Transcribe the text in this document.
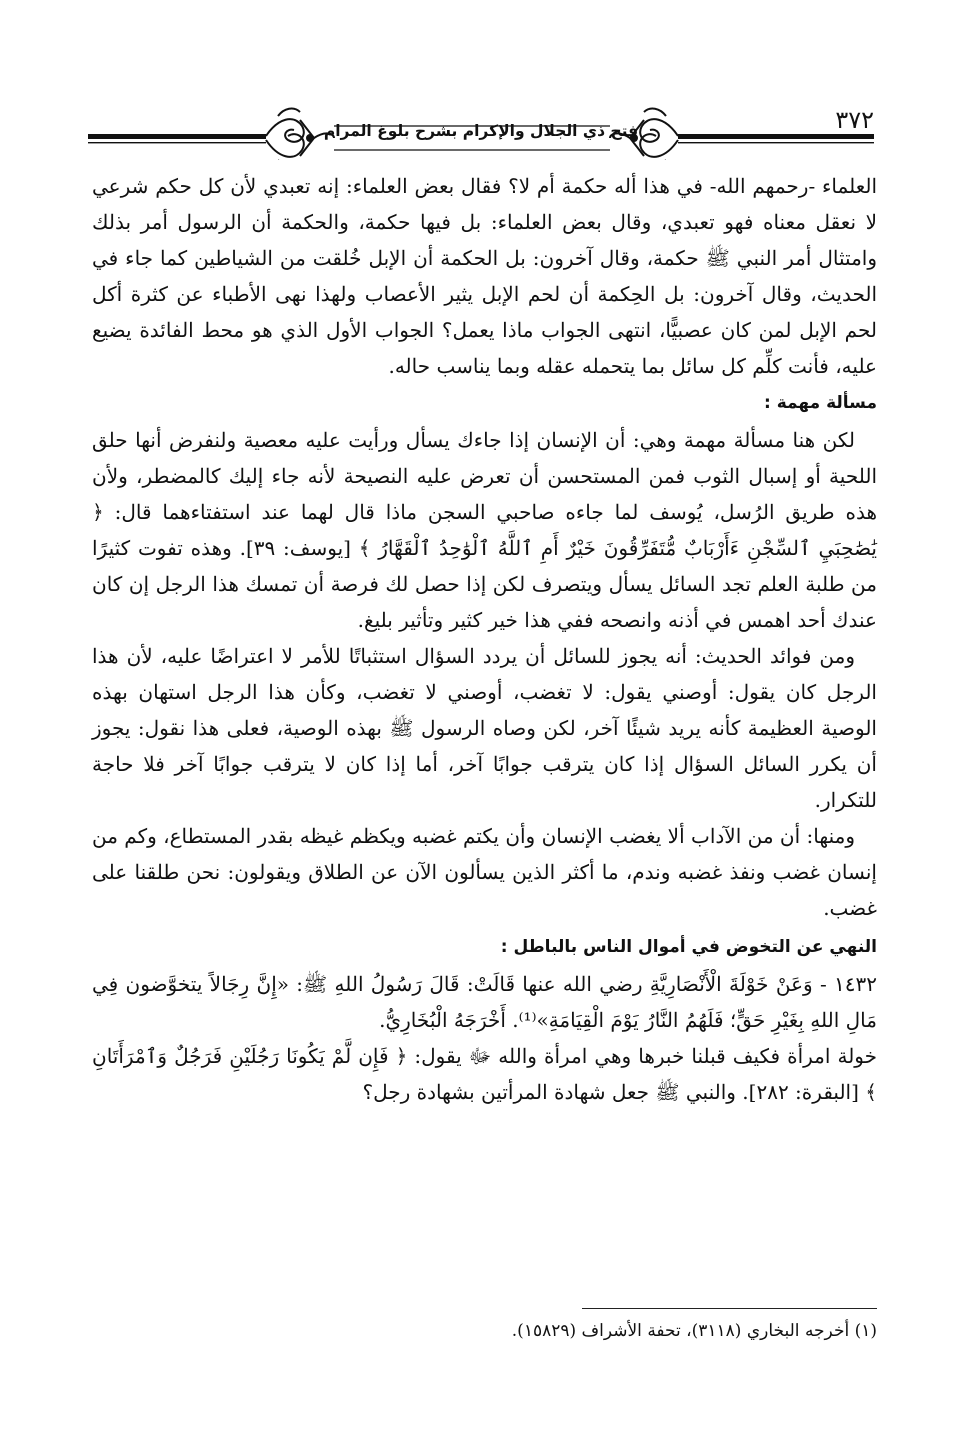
٣٧٢
فتح ذي الجلال والإكرام بشرح بلوغ المرام

العلماء -رحمهم الله- في هذا أله حكمة أم لا؟ فقال بعض العلماء: إنه تعبدي لأن كل حكم شرعي لا نعقل معناه فهو تعبدي، وقال بعض العلماء: بل فيها حكمة، والحكمة أن الرسول أمر بذلك وامتثال أمر النبي ﷺ حكمة، وقال آخرون: بل الحكمة أن الإبل خُلقت من الشياطين كما جاء في الحديث، وقال آخرون: بل الحِكمة أن لحم الإبل يثير الأعصاب ولهذا نهى الأطباء عن كثرة أكل لحم الإبل لمن كان عصبيًّا، انتهى الجواب ماذا يعمل؟ الجواب الأول الذي هو محط الفائدة يضيع عليه، فأنت كلِّم كل سائل بما يتحمله عقله وبما يناسب حاله.

مسألة مهمة :

لكن هنا مسألة مهمة وهي: أن الإنسان إذا جاءك يسأل ورأيت عليه معصية ولنفرض أنها حلق اللحية أو إسبال الثوب فمن المستحسن أن تعرض عليه النصيحة لأنه جاء إليك كالمضطر، ولأن هذه طريق الرُسل، يُوسف لما جاءه صاحبي السجن ماذا قال لهما عند استفتاءهما قال: ﴿ يَٰصَٰحِبَيِ ٱلسِّجْنِ ءَأَرْبَابٌ مُّتَفَرِّقُونَ خَيْرٌ أَمِ ٱللَّهُ ٱلْوَٰحِدُ ٱلْقَهَّارُ ﴾ [يوسف: ٣٩]. وهذه تفوت كثيرًا من طلبة العلم تجد السائل يسأل ويتصرف لكن إذا حصل لك فرصة أن تمسك هذا الرجل إن كان عندك أحد اهمس في أذنه وانصحه ففي هذا خير كثير وتأثير بليغ.

ومن فوائد الحديث: أنه يجوز للسائل أن يردد السؤال استثباتًا للأمر لا اعتراضًا عليه، لأن هذا الرجل كان يقول: أوصني يقول: لا تغضب، أوصني لا تغضب، وكأن هذا الرجل استهان بهذه الوصية العظيمة كأنه يريد شيئًا آخر، لكن وصاه الرسول ﷺ بهذه الوصية، فعلى هذا نقول: يجوز أن يكرر السائل السؤال إذا كان يترقب جوابًا آخر، أما إذا كان لا يترقب جوابًا آخر فلا حاجة للتكرار.

ومنها: أن من الآداب ألا يغضب الإنسان وأن يكتم غضبه ويكظم غيظه بقدر المستطاع، وكم من إنسان غضب ونفذ غضبه وندم، ما أكثر الذين يسألون الآن عن الطلاق ويقولون: نحن طلقنا على غضب.

النهي عن التخوض في أموال الناس بالباطل :

١٤٣٢ - وَعَنْ خَوْلَةَ الْأَنْصَارِيَّةِ رضي الله عنها قَالَتْ: قَالَ رَسُولُ اللهِ ﷺ: «إِنَّ رِجَالاً يتخوَّضون فِي مَالِ اللهِ بِغَيْرِ حَقٍّ؛ فَلَهُمُ النَّارُ يَوْمَ الْقِيَامَةِ»⁽¹⁾. أَخْرَجَهُ الْبُخَارِيُّ.

خولة امرأة فكيف قبلنا خبرها وهي امرأة والله ﷻ يقول: ﴿ فَإِن لَّمْ يَكُونَا رَجُلَيْنِ فَرَجُلٌ وَٱمْرَأَتَانِ ﴾ [البقرة: ٢٨٢]. والنبي ﷺ جعل شهادة المرأتين بشهادة رجل؟

(١) أخرجه البخاري (٣١١٨)، تحفة الأشراف (١٥٨٢٩).
